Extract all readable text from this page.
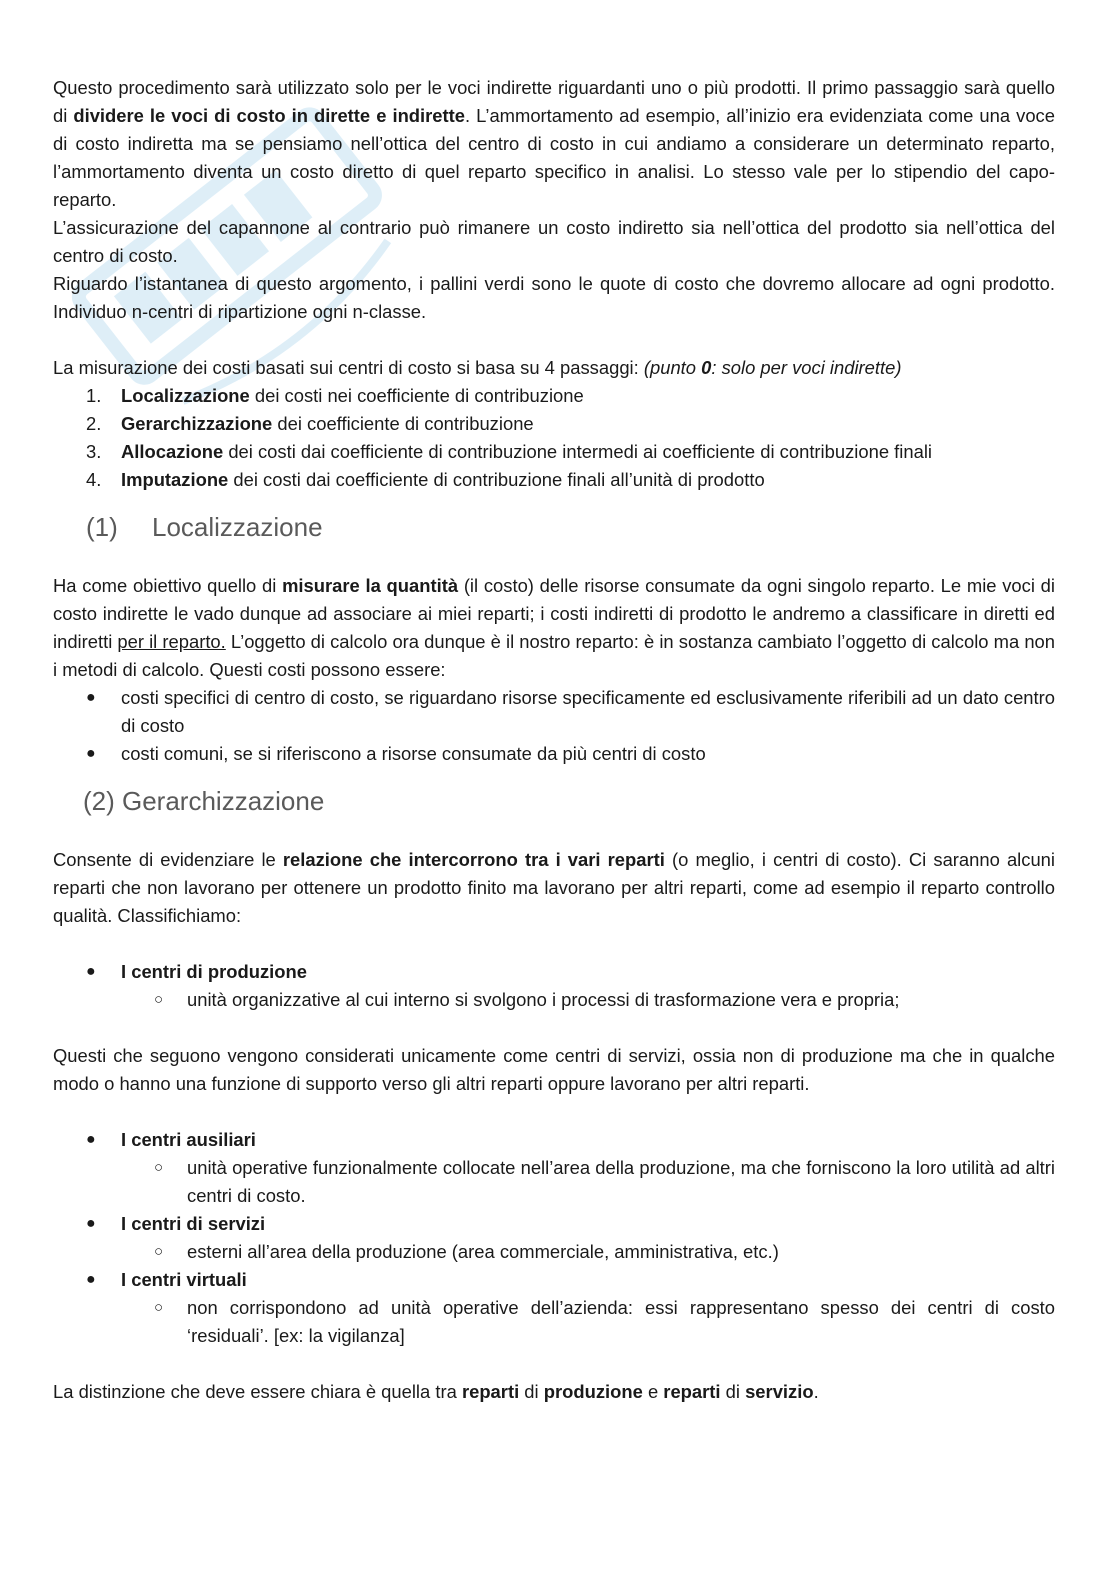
Questo procedimento sarà utilizzato solo per le voci indirette riguardanti uno o più prodotti. Il primo passaggio sarà quello di dividere le voci di costo in dirette e indirette. L’ammortamento ad esempio, all’inizio era evidenziata come una voce di costo indiretta ma se pensiamo nell’ottica del centro di costo in cui andiamo a considerare un determinato reparto, l’ammortamento diventa un costo diretto di quel reparto specifico in analisi. Lo stesso vale per lo stipendio del capo-reparto.

L’assicurazione del capannone al contrario può rimanere un costo indiretto sia nell’ottica del prodotto sia nell’ottica del centro di costo.

Riguardo l’istantanea di questo argomento, i pallini verdi sono le quote di costo che dovremo allocare ad ogni prodotto. Individuo n-centri di ripartizione ogni n-classe.

La misurazione dei costi basati sui centri di costo si basa su 4 passaggi: (punto 0: solo per voci indirette)

1. Localizzazione dei costi nei coefficiente di contribuzione
2. Gerarchizzazione dei coefficiente di contribuzione
3. Allocazione dei costi dai coefficiente di contribuzione intermedi ai coefficiente di contribuzione finali
4. Imputazione dei costi dai coefficiente di contribuzione finali all’unità di prodotto
(1) Localizzazione

Ha come obiettivo quello di misurare la quantità (il costo) delle risorse consumate da ogni singolo reparto. Le mie voci di costo indirette le vado dunque ad associare ai miei reparti; i costi indiretti di prodotto le andremo a classificare in diretti ed indiretti per il reparto. L’oggetto di calcolo ora dunque è il nostro reparto: è in sostanza cambiato l’oggetto di calcolo ma non i metodi di calcolo. Questi costi possono essere:

● costi specifici di centro di costo, se riguardano risorse specificamente ed esclusivamente riferibili ad un dato centro di costo
● costi comuni, se si riferiscono a risorse consumate da più centri di costo
(2) Gerarchizzazione

Consente di evidenziare le relazione che intercorrono tra i vari reparti (o meglio, i centri di costo). Ci saranno alcuni reparti che non lavorano per ottenere un prodotto finito ma lavorano per altri reparti, come ad esempio il reparto controllo qualità. Classifichiamo:

● I centri di produzione
○ unità organizzative al cui interno si svolgono i processi di trasformazione vera e propria;

Questi che seguono vengono considerati unicamente come centri di servizi, ossia non di produzione ma che in qualche modo o hanno una funzione di supporto verso gli altri reparti oppure lavorano per altri reparti.

● I centri ausiliari
○ unità operative funzionalmente collocate nell’area della produzione, ma che forniscono la loro utilità ad altri centri di costo.
● I centri di servizi
○ esterni all’area della produzione (area commerciale, amministrativa, etc.)
● I centri virtuali
○ non corrispondono ad unità operative dell’azienda: essi rappresentano spesso dei centri di costo ‘residuali’. [ex: la vigilanza]

La distinzione che deve essere chiara è quella tra reparti di produzione e reparti di servizio.
